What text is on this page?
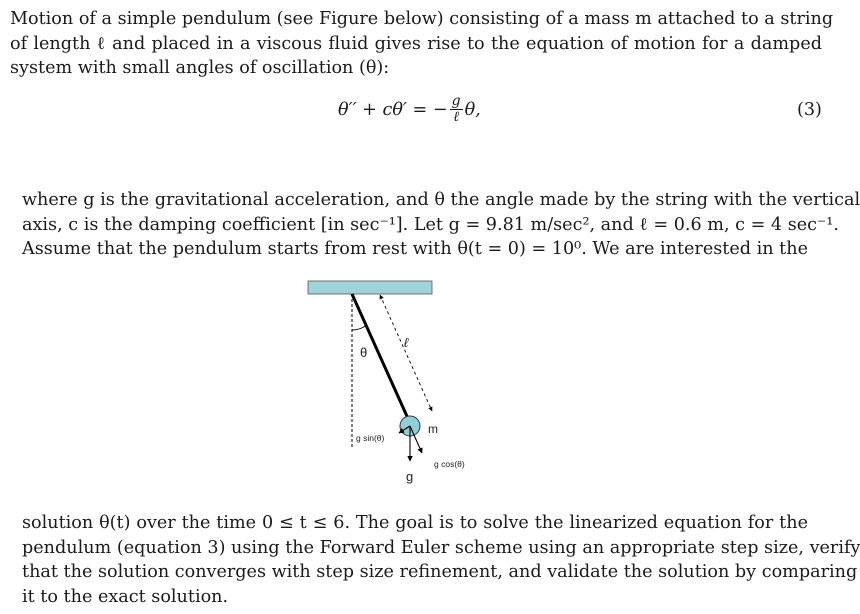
Motion of a simple pendulum (see Figure below) consisting of a mass m attached to a string
of length ℓ and placed in a viscous fluid gives rise to the equation of motion for a damped
system with small angles of oscillation (θ):
θ′′ + cθ′ = − $\frac{g}{\text{ℓ}} \theta$,	(3)
where g is the gravitational acceleration, and θ the angle made by the string with the vertical
axis, c is the damping coefficient [in sec⁻¹]. Let g = 9.81 m/sec², and ℓ = 0.6 m, c = 4 sec⁻¹.
Assume that the pendulum starts from rest with θ(t = 0) = 10⁰. We are interested in the
θ
ℓ
m
g sin(θ)
g
g cos(θ)
solution θ(t) over the time 0 ≤ t ≤ 6. The goal is to solve the linearized equation for the
pendulum (equation 3) using the Forward Euler scheme using an appropriate step size, verify
that the solution converges with step size refinement, and validate the solution by comparing
it to the exact solution.
